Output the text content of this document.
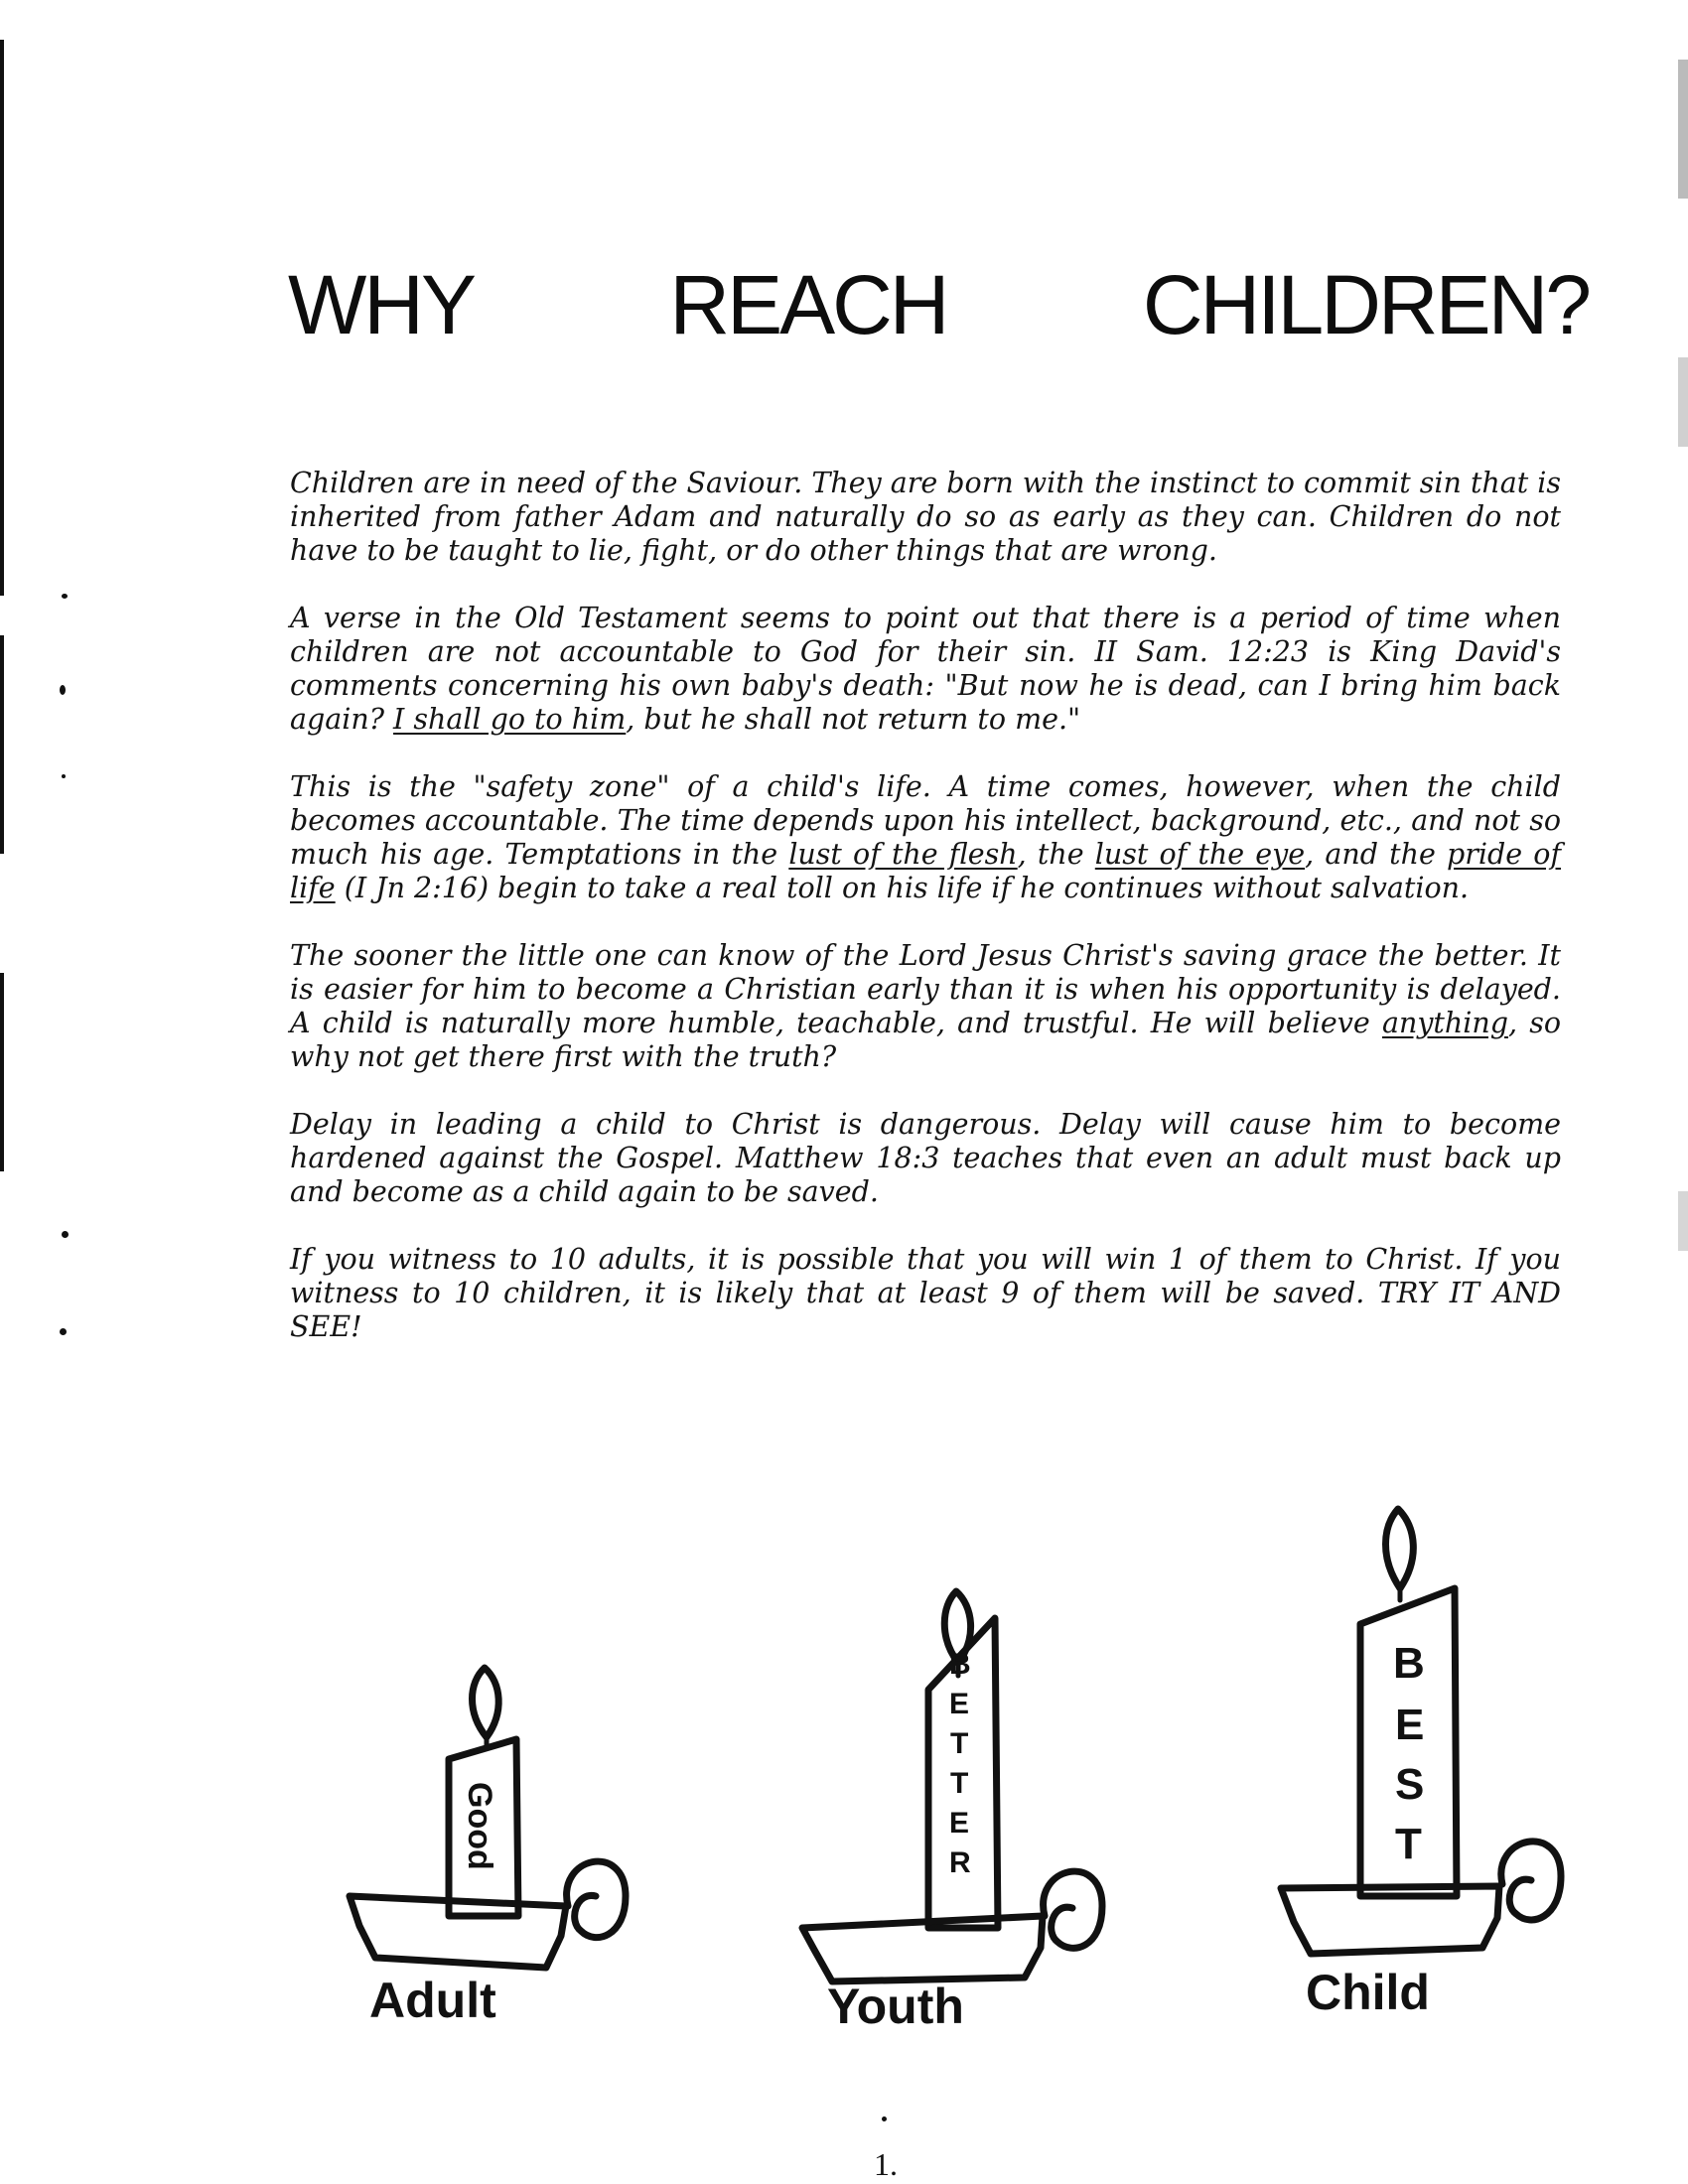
WHY REACH CHILDREN?

Children are in need of the Saviour. They are born with the instinct to commit sin that is inherited from father Adam and naturally do so as early as they can. Children do not have to be taught to lie, fight, or do other things that are wrong.

A verse in the Old Testament seems to point out that there is a period of time when children are not accountable to God for their sin. II Sam. 12:23 is King David's comments concerning his own baby's death: "But now he is dead, can I bring him back again? I shall go to him, but he shall not return to me."

This is the "safety zone" of a child's life. A time comes, however, when the child becomes accountable. The time depends upon his intellect, background, etc., and not so much his age. Temptations in the lust of the flesh, the lust of the eye, and the pride of life (I Jn 2:16) begin to take a real toll on his life if he continues without salvation.

The sooner the little one can know of the Lord Jesus Christ's saving grace the better. It is easier for him to become a Christian early than it is when his opportunity is delayed. A child is naturally more humble, teachable, and trustful. He will believe anything, so why not get there first with the truth?

Delay in leading a child to Christ is dangerous. Delay will cause him to become hardened against the Gospel. Matthew 18:3 teaches that even an adult must back up and become as a child again to be saved.

If you witness to 10 adults, it is possible that you will win 1 of them to Christ. If you witness to 10 children, it is likely that at least 9 of them will be saved. TRY IT AND SEE!

Good
B
E
T
T
E
R
B
E
S
T
Adult	Youth	Child
1.
